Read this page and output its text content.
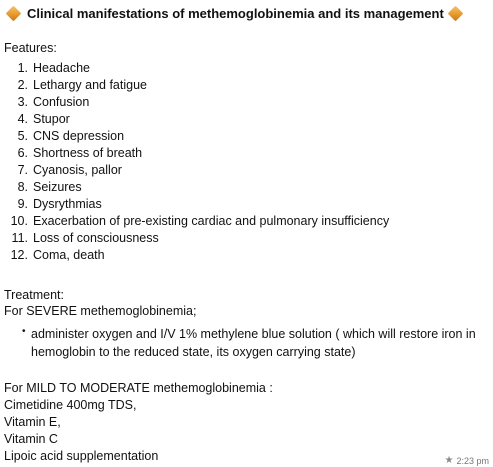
Clinical manifestations of methemoglobinemia and its management
Features:
1. Headache
2. Lethargy and fatigue
3. Confusion
4. Stupor
5. CNS depression
6. Shortness of breath
7. Cyanosis, pallor
8. Seizures
9. Dysrythmias
10. Exacerbation of pre-existing cardiac and pulmonary insufficiency
11. Loss of consciousness
12. Coma, death
Treatment:
For SEVERE methemoglobinemia;
• administer oxygen and I/V 1% methylene blue solution ( which will restore iron in hemoglobin to the reduced state, its oxygen carrying state)
For MILD TO MODERATE methemoglobinemia :
Cimetidine 400mg TDS,
Vitamin E,
Vitamin C
Lipoic acid supplementation	★ 2:23 pm
